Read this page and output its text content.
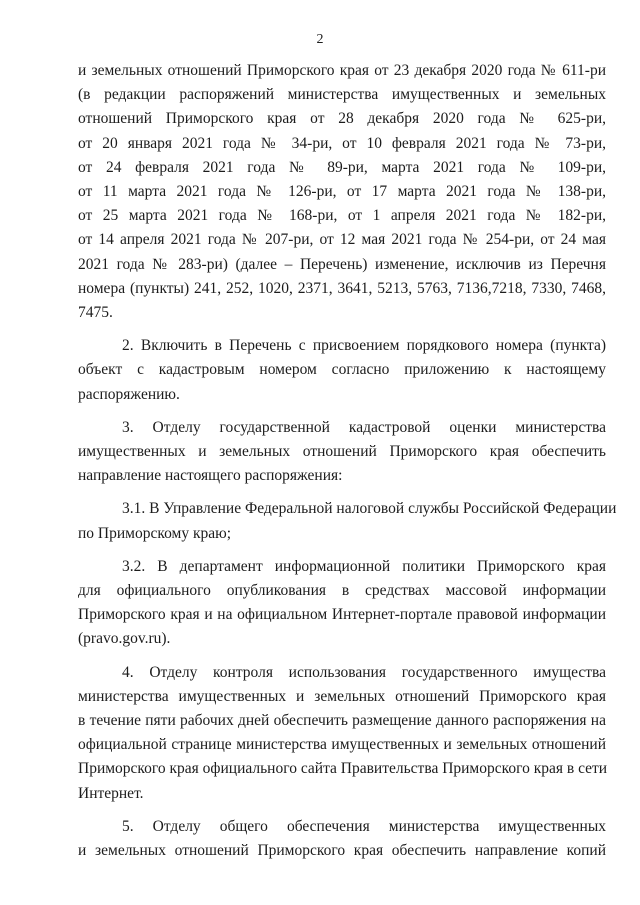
2
и земельных отношений Приморского края от 23 декабря 2020 года № 611-ри
(в редакции распоряжений министерства имущественных и земельных
отношений Приморского края от 28 декабря 2020 года № 625-ри,
от 20 января 2021 года № 34-ри, от 10 февраля 2021 года № 73-ри,
от 24 февраля 2021 года № 89-ри, марта 2021 года № 109-ри,
от 11 марта 2021 года № 126-ри, от 17 марта 2021 года № 138-ри,
от 25 марта 2021 года № 168-ри, от 1 апреля 2021 года № 182-ри,
от 14 апреля 2021 года № 207-ри, от 12 мая 2021 года № 254-ри, от 24 мая
2021 года № 283-ри) (далее – Перечень) изменение, исключив из Перечня
номера (пункты) 241, 252, 1020, 2371, 3641, 5213, 5763, 7136,7218, 7330, 7468,
7475.
2. Включить в Перечень с присвоением порядкового номера (пункта)
объект с кадастровым номером согласно приложению к настоящему
распоряжению.
3. Отделу государственной кадастровой оценки министерства
имущественных и земельных отношений Приморского края обеспечить
направление настоящего распоряжения:
3.1. В Управление Федеральной налоговой службы Российской Федерации
по Приморскому краю;
3.2. В департамент информационной политики Приморского края
для официального опубликования в средствах массовой информации
Приморского края и на официальном Интернет-портале правовой информации
(pravo.gov.ru).
4. Отделу контроля использования государственного имущества
министерства имущественных и земельных отношений Приморского края
в течение пяти рабочих дней обеспечить размещение данного распоряжения на
официальной странице министерства имущественных и земельных отношений
Приморского края официального сайта Правительства Приморского края в сети
Интернет.
5. Отделу общего обеспечения министерства имущественных
и земельных отношений Приморского края обеспечить направление копий
